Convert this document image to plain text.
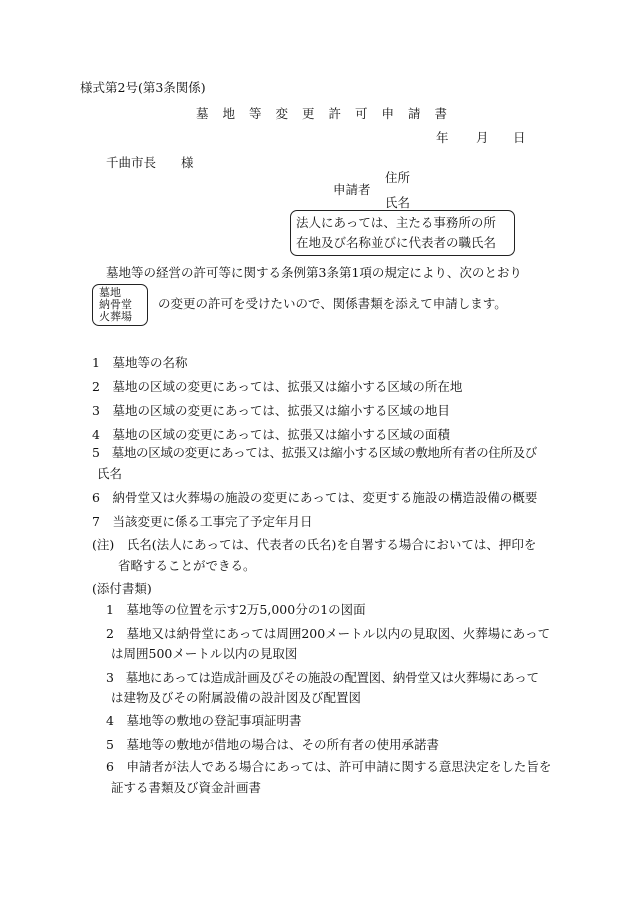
様式第2号(第3条関係)
墓地等変更許可申請書
年 月 日
千曲市長　　様
住所
申請者
氏名
法人にあっては、主たる事務所の所
在地及び名称並びに代表者の職氏名
墓地等の経営の許可等に関する条例第3条第1項の規定により、次のとおり
墓地
納骨堂
火葬場
の変更の許可を受けたいので、関係書類を添えて申請します。
1　墓地等の名称
2　墓地の区域の変更にあっては、拡張又は縮小する区域の所在地
3　墓地の区域の変更にあっては、拡張又は縮小する区域の地目
4　墓地の区域の変更にあっては、拡張又は縮小する区域の面積
5　墓地の区域の変更にあっては、拡張又は縮小する区域の敷地所有者の住所及び
氏名
6　納骨堂又は火葬場の施設の変更にあっては、変更する施設の構造設備の概要
7　当該変更に係る工事完了予定年月日
(注)　氏名(法人にあっては、代表者の氏名)を自署する場合においては、押印を
省略することができる。
(添付書類)
1　墓地等の位置を示す2万5,000分の1の図面
2　墓地又は納骨堂にあっては周囲200メートル以内の見取図、火葬場にあって
は周囲500メートル以内の見取図
3　墓地にあっては造成計画及びその施設の配置図、納骨堂又は火葬場にあって
は建物及びその附属設備の設計図及び配置図
4　墓地等の敷地の登記事項証明書
5　墓地等の敷地が借地の場合は、その所有者の使用承諾書
6　申請者が法人である場合にあっては、許可申請に関する意思決定をした旨を
証する書類及び資金計画書
